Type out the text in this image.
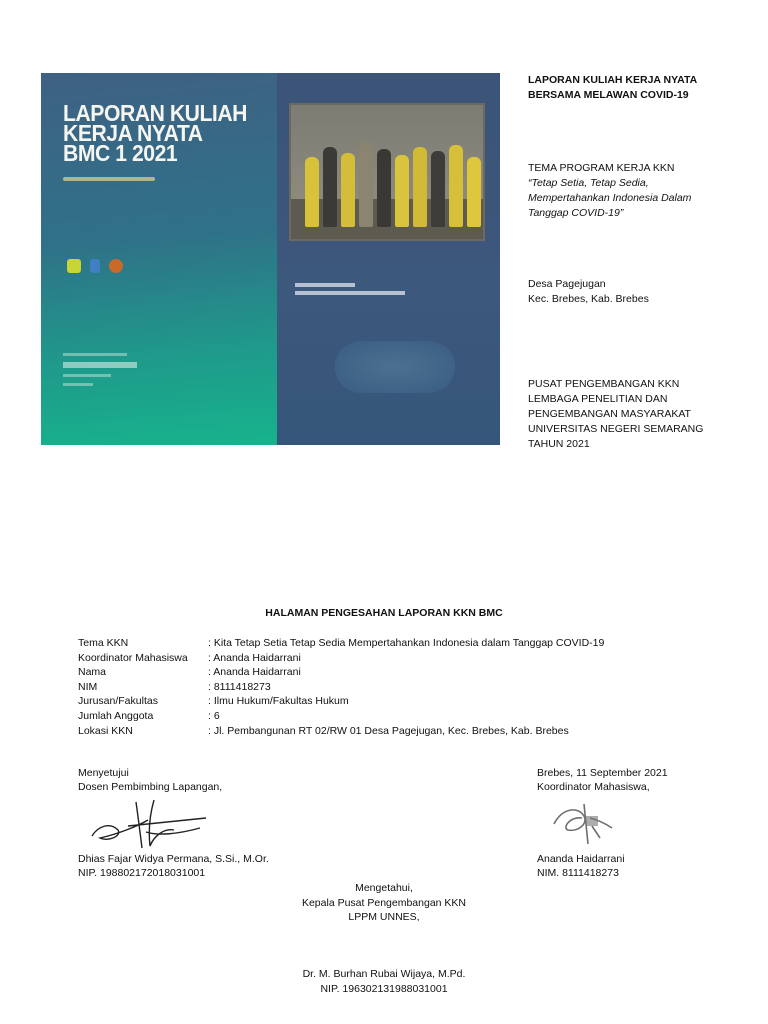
LAPORAN KULIAH
KERJA NYATA
BMC 1 2021

LAPORAN KULIAH KERJA NYATA
BERSAMA MELAWAN COVID-19
TEMA PROGRAM KERJA KKN
“Tetap Setia, Tetap Sedia,
Mempertahankan Indonesia Dalam
Tanggap COVID-19”
Desa Pagejugan
Kec. Brebes, Kab. Brebes
PUSAT PENGEMBANGAN KKN
LEMBAGA PENELITIAN DAN
PENGEMBANGAN MASYARAKAT
UNIVERSITAS NEGERI SEMARANG
TAHUN 2021
HALAMAN PENGESAHAN LAPORAN KKN BMC
Tema KKN	: Kita Tetap Setia Tetap Sedia Mempertahankan Indonesia dalam Tanggap COVID-19
Koordinator Mahasiswa : Ananda Haidarrani
Nama	: Ananda Haidarrani
NIM	: 8111418273
Jurusan/Fakultas	: Ilmu Hukum/Fakultas Hukum
Jumlah Anggota	: 6
Lokasi KKN	: Jl. Pembangunan RT 02/RW 01 Desa Pagejugan, Kec. Brebes, Kab. Brebes
Menyetujui
Dosen Pembimbing Lapangan,
Dhias Fajar Widya Permana, S.Si., M.Or.
NIP. 198802172018031001
Brebes, 11 September 2021
Koordinator Mahasiswa,
Ananda Haidarrani
NIM. 8111418273
Mengetahui,
Kepala Pusat Pengembangan KKN
LPPM UNNES,
Dr. M. Burhan Rubai Wijaya, M.Pd.
NIP. 196302131988031001
